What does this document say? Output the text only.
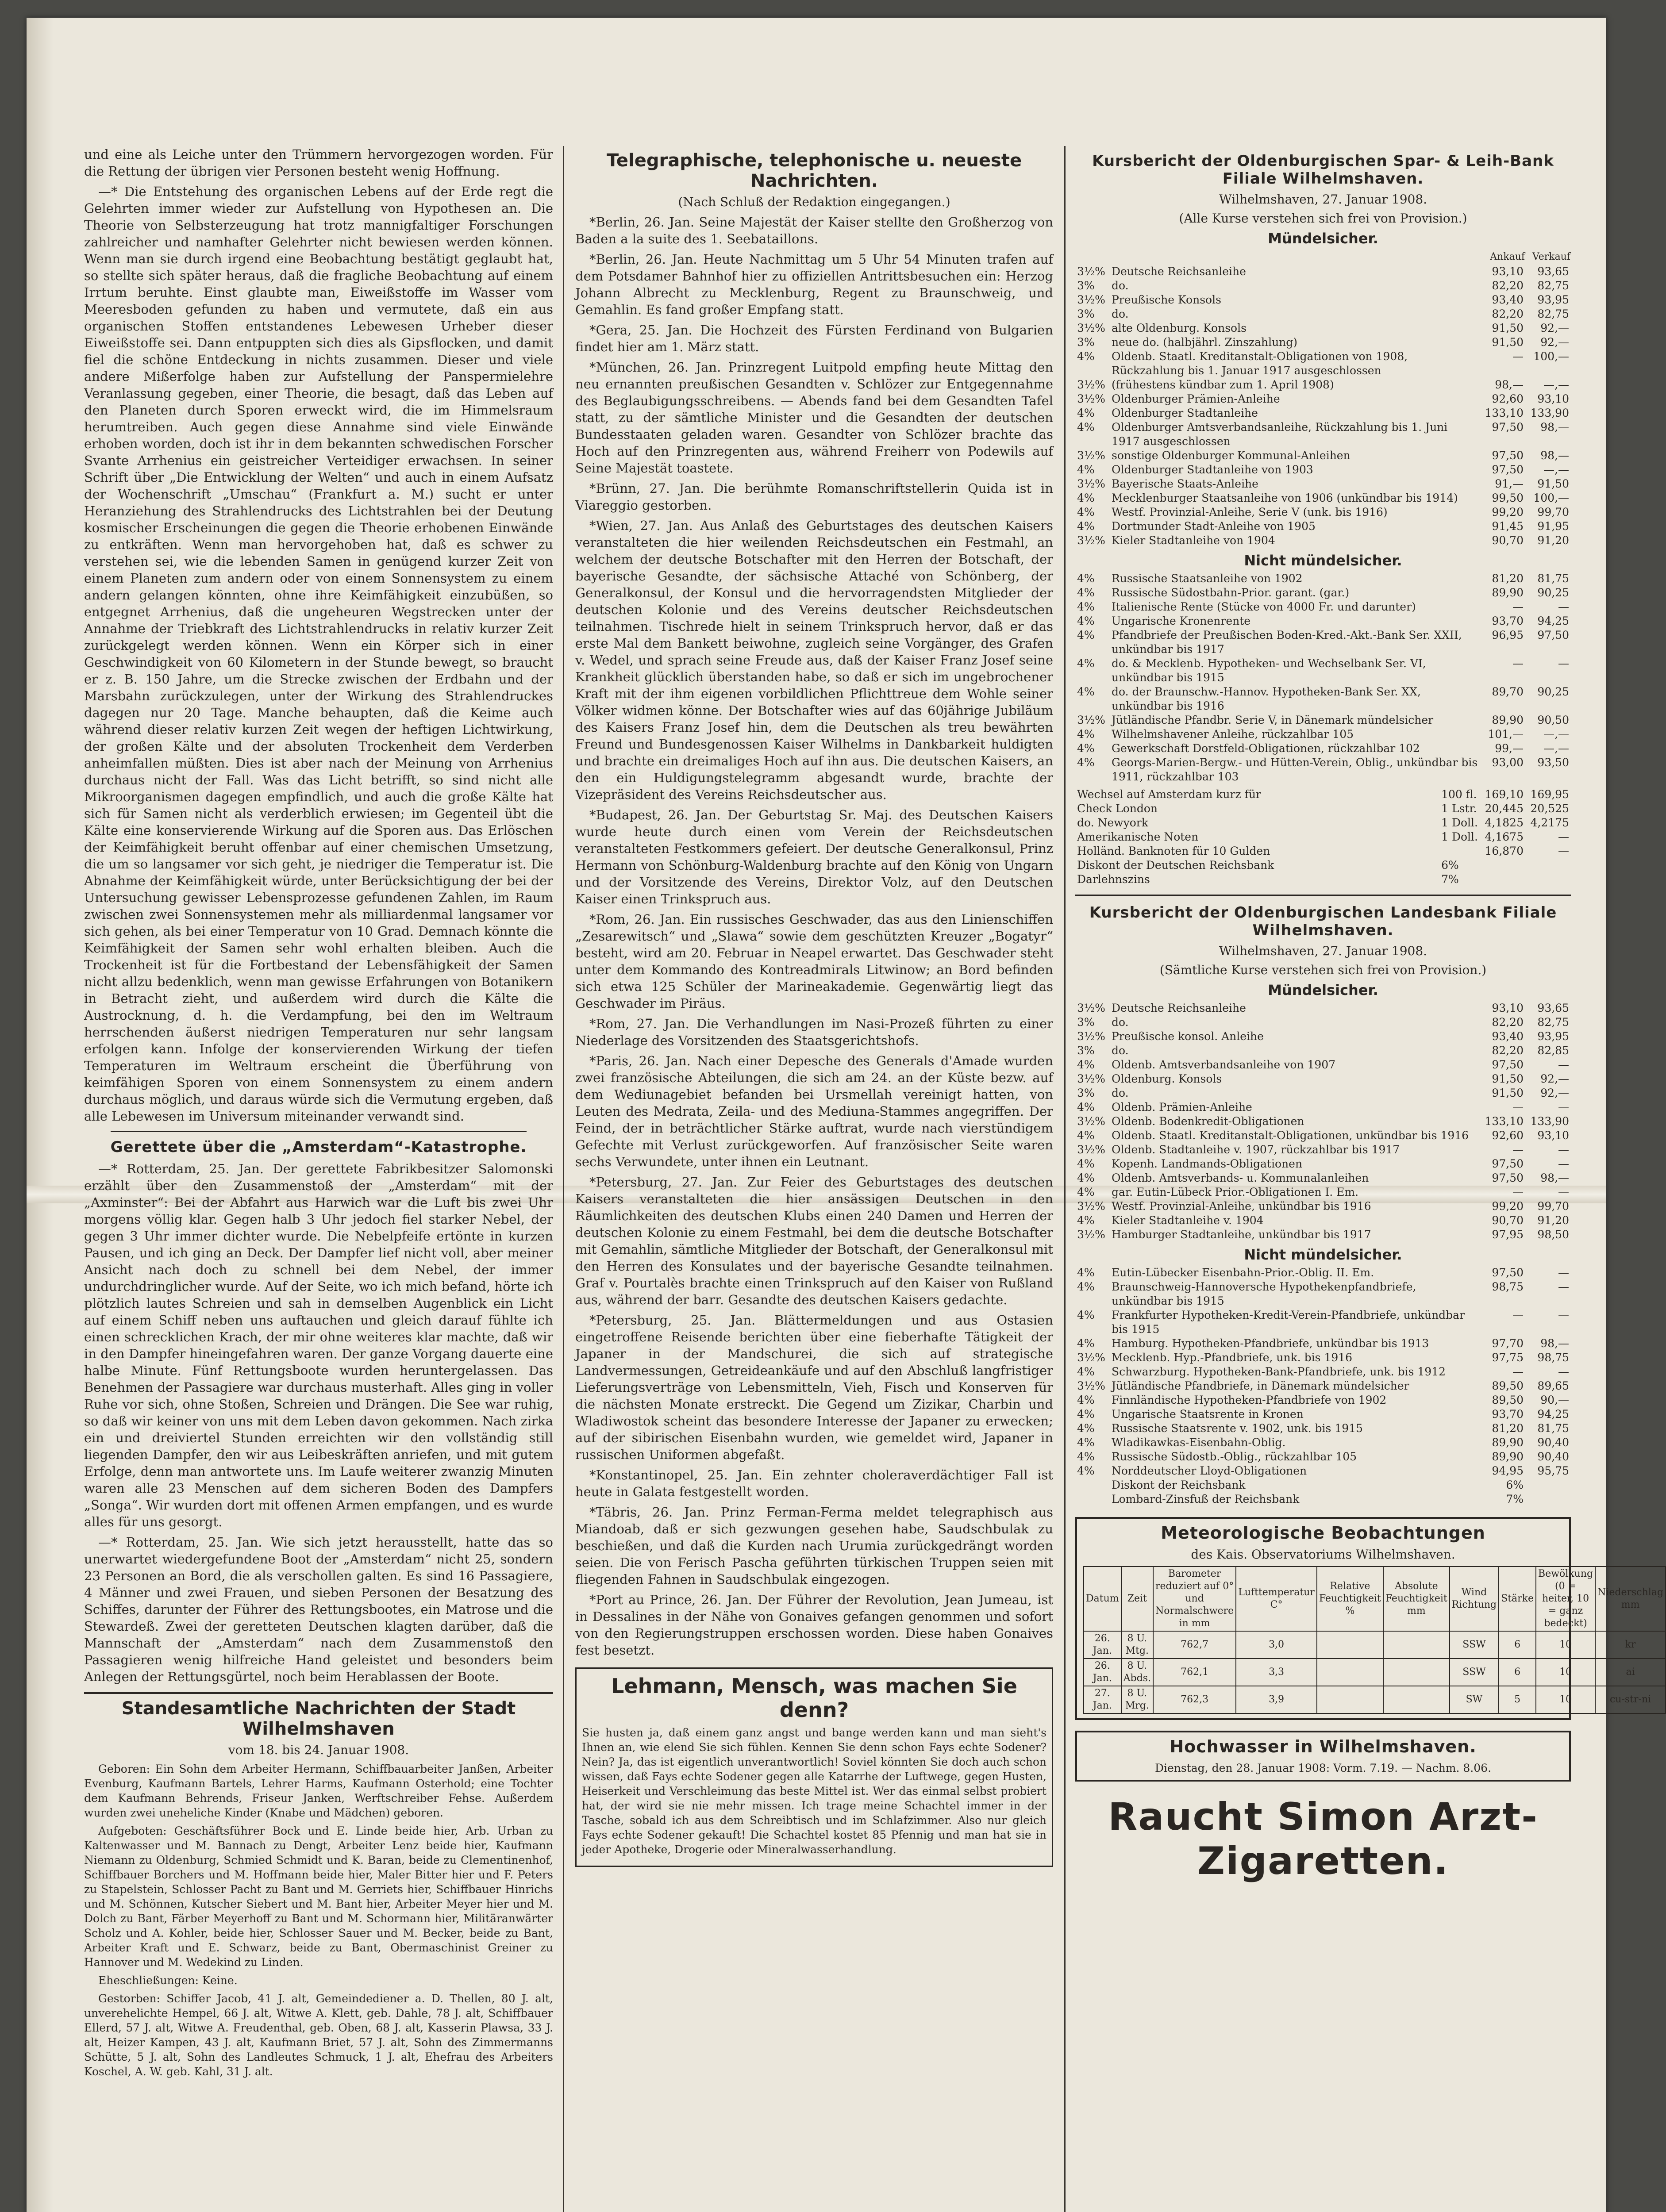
und eine als Leiche unter den Trümmern hervorgezogen worden. Für die Rettung der übrigen vier Personen besteht wenig Hoffnung.

—* Die Entstehung des organischen Lebens auf der Erde regt die Gelehrten immer wieder zur Aufstellung von Hypothesen an. Die Theorie von Selbsterzeugung hat trotz mannigfaltiger Forschungen zahlreicher und namhafter Gelehrter nicht bewiesen werden können. Wenn man sie durch irgend eine Beobachtung bestätigt geglaubt hat, so stellte sich später heraus, daß die fragliche Beobachtung auf einem Irrtum beruhte. Einst glaubte man, Eiweißstoffe im Wasser vom Meeresboden gefunden zu haben und vermutete, daß ein aus organischen Stoffen entstandenes Lebewesen Urheber dieser Eiweißstoffe sei. Dann entpuppten sich dies als Gipsflocken, und damit fiel die schöne Entdeckung in nichts zusammen. Dieser und viele andere Mißerfolge haben zur Aufstellung der Panspermielehre Veranlassung gegeben, einer Theorie, die besagt, daß das Leben auf den Planeten durch Sporen erweckt wird, die im Himmelsraum herumtreiben. Auch gegen diese Annahme sind viele Einwände erhoben worden, doch ist ihr in dem bekannten schwedischen Forscher Svante Arrhenius ein geistreicher Verteidiger erwachsen. In seiner Schrift über „Die Entwicklung der Welten“ und auch in einem Aufsatz der Wochenschrift „Umschau“ (Frankfurt a. M.) sucht er unter Heranziehung des Strahlendrucks des Lichtstrahlen bei der Deutung kosmischer Erscheinungen die gegen die Theorie erhobenen Einwände zu entkräften. Wenn man hervorgehoben hat, daß es schwer zu verstehen sei, wie die lebenden Samen in genügend kurzer Zeit von einem Planeten zum andern oder von einem Sonnensystem zu einem andern gelangen könnten, ohne ihre Keimfähigkeit einzubüßen, so entgegnet Arrhenius, daß die ungeheuren Wegstrecken unter der Annahme der Triebkraft des Lichtstrahlendrucks in relativ kurzer Zeit zurückgelegt werden können. Wenn ein Körper sich in einer Geschwindigkeit von 60 Kilometern in der Stunde bewegt, so braucht er z. B. 150 Jahre, um die Strecke zwischen der Erdbahn und der Marsbahn zurückzulegen, unter der Wirkung des Strahlendruckes dagegen nur 20 Tage. Manche behaupten, daß die Keime auch während dieser relativ kurzen Zeit wegen der heftigen Lichtwirkung, der großen Kälte und der absoluten Trockenheit dem Verderben anheimfallen müßten. Dies ist aber nach der Meinung von Arrhenius durchaus nicht der Fall. Was das Licht betrifft, so sind nicht alle Mikroorganismen dagegen empfindlich, und auch die große Kälte hat sich für Samen nicht als verderblich erwiesen; im Gegenteil übt die Kälte eine konservierende Wirkung auf die Sporen aus. Das Erlöschen der Keimfähigkeit beruht offenbar auf einer chemischen Umsetzung, die um so langsamer vor sich geht, je niedriger die Temperatur ist. Die Abnahme der Keimfähigkeit würde, unter Berücksichtigung der bei der Untersuchung gewisser Lebensprozesse gefundenen Zahlen, im Raum zwischen zwei Sonnensystemen mehr als milliardenmal langsamer vor sich gehen, als bei einer Temperatur von 10 Grad. Demnach könnte die Keimfähigkeit der Samen sehr wohl erhalten bleiben. Auch die Trockenheit ist für die Fortbestand der Lebensfähigkeit der Samen nicht allzu bedenklich, wenn man gewisse Erfahrungen von Botanikern in Betracht zieht, und außerdem wird durch die Kälte die Austrocknung, d. h. die Verdampfung, bei den im Weltraum herrschenden äußerst niedrigen Temperaturen nur sehr langsam erfolgen kann. Infolge der konservierenden Wirkung der tiefen Temperaturen im Weltraum erscheint die Überführung von keimfähigen Sporen von einem Sonnensystem zu einem andern durchaus möglich, und daraus würde sich die Vermutung ergeben, daß alle Lebewesen im Universum miteinander verwandt sind.

Gerettete über die „Amsterdam“-Katastrophe.

—* Rotterdam, 25. Jan. Der gerettete Fabrikbesitzer Salomonski erzählt über den Zusammenstoß der „Amsterdam“ mit der „Axminster“: Bei der Abfahrt aus Harwich war die Luft bis zwei Uhr morgens völlig klar. Gegen halb 3 Uhr jedoch fiel starker Nebel, der gegen 3 Uhr immer dichter wurde. Die Nebelpfeife ertönte in kurzen Pausen, und ich ging an Deck. Der Dampfer lief nicht voll, aber meiner Ansicht nach doch zu schnell bei dem Nebel, der immer undurchdringlicher wurde. Auf der Seite, wo ich mich befand, hörte ich plötzlich lautes Schreien und sah in demselben Augenblick ein Licht auf einem Schiff neben uns auftauchen und gleich darauf fühlte ich einen schrecklichen Krach, der mir ohne weiteres klar machte, daß wir in den Dampfer hineingefahren waren. Der ganze Vorgang dauerte eine halbe Minute. Fünf Rettungsboote wurden heruntergelassen. Das Benehmen der Passagiere war durchaus musterhaft. Alles ging in voller Ruhe vor sich, ohne Stoßen, Schreien und Drängen. Die See war ruhig, so daß wir keiner von uns mit dem Leben davon gekommen. Nach zirka ein und dreiviertel Stunden erreichten wir den vollständig still liegenden Dampfer, den wir aus Leibeskräften anriefen, und mit gutem Erfolge, denn man antwortete uns. Im Laufe weiterer zwanzig Minuten waren alle 23 Menschen auf dem sicheren Boden des Dampfers „Songa“. Wir wurden dort mit offenen Armen empfangen, und es wurde alles für uns gesorgt.

—* Rotterdam, 25. Jan. Wie sich jetzt herausstellt, hatte das so unerwartet wiedergefundene Boot der „Amsterdam“ nicht 25, sondern 23 Personen an Bord, die als verschollen galten. Es sind 16 Passagiere, 4 Männer und zwei Frauen, und sieben Personen der Besatzung des Schiffes, darunter der Führer des Rettungsbootes, ein Matrose und die Stewardeß. Zwei der geretteten Deutschen klagten darüber, daß die Mannschaft der „Amsterdam“ nach dem Zusammenstoß den Passagieren wenig hilfreiche Hand geleistet und besonders beim Anlegen der Rettungsgürtel, noch beim Herablassen der Boote.

Standesamtliche Nachrichten der Stadt Wilhelmshaven
vom 18. bis 24. Januar 1908.

Geboren: Ein Sohn dem Arbeiter Hermann, Schiffbauarbeiter Janßen, Arbeiter Evenburg, Kaufmann Bartels, Lehrer Harms, Kaufmann Osterhold; eine Tochter dem Kaufmann Behrends, Friseur Janken, Werftschreiber Fehse. Außerdem wurden zwei uneheliche Kinder (Knabe und Mädchen) geboren.

Aufgeboten: Geschäftsführer Bock und E. Linde beide hier, Arb. Urban zu Kaltenwasser und M. Bannach zu Dengt, Arbeiter Lenz beide hier, Kaufmann Niemann zu Oldenburg, Schmied Schmidt und K. Baran, beide zu Clementinenhof, Schiffbauer Borchers und M. Hoffmann beide hier, Maler Bitter hier und F. Peters zu Stapelstein, Schlosser Pacht zu Bant und M. Gerriets hier, Schiffbauer Hinrichs und M. Schönnen, Kutscher Siebert und M. Bant hier, Arbeiter Meyer hier und M. Dolch zu Bant, Färber Meyerhoff zu Bant und M. Schormann hier, Militäranwärter Scholz und A. Kohler, beide hier, Schlosser Sauer und M. Becker, beide zu Bant, Arbeiter Kraft und E. Schwarz, beide zu Bant, Obermaschinist Greiner zu Hannover und M. Wedekind zu Linden.

Eheschließungen: Keine.

Gestorben: Schiffer Jacob, 41 J. alt, Gemeindediener a. D. Thellen, 80 J. alt, unverehelichte Hempel, 66 J. alt, Witwe A. Klett, geb. Dahle, 78 J. alt, Schiffbauer Ellerd, 57 J. alt, Witwe A. Freudenthal, geb. Oben, 68 J. alt, Kasserin Plawsa, 33 J. alt, Heizer Kampen, 43 J. alt, Kaufmann Briet, 57 J. alt, Sohn des Zimmermanns Schütte, 5 J. alt, Sohn des Landleutes Schmuck, 1 J. alt, Ehefrau des Arbeiters Koschel, A. W. geb. Kahl, 31 J. alt.

Telegraphische, telephonische u. neueste Nachrichten.
(Nach Schluß der Redaktion eingegangen.)

*Berlin, 26. Jan. Seine Majestät der Kaiser stellte den Großherzog von Baden a la suite des 1. Seebataillons.

*Berlin, 26. Jan. Heute Nachmittag um 5 Uhr 54 Minuten trafen auf dem Potsdamer Bahnhof hier zu offiziellen Antrittsbesuchen ein: Herzog Johann Albrecht zu Mecklenburg, Regent zu Braunschweig, und Gemahlin. Es fand großer Empfang statt.

*Gera, 25. Jan. Die Hochzeit des Fürsten Ferdinand von Bulgarien findet hier am 1. März statt.

*München, 26. Jan. Prinzregent Luitpold empfing heute Mittag den neu ernannten preußischen Gesandten v. Schlözer zur Entgegennahme des Beglaubigungsschreibens. — Abends fand bei dem Gesandten Tafel statt, zu der sämtliche Minister und die Gesandten der deutschen Bundesstaaten geladen waren. Gesandter von Schlözer brachte das Hoch auf den Prinzregenten aus, während Freiherr von Podewils auf Seine Majestät toastete.

*Brünn, 27. Jan. Die berühmte Romanschriftstellerin Quida ist in Viareggio gestorben.

*Wien, 27. Jan. Aus Anlaß des Geburtstages des deutschen Kaisers veranstalteten die hier weilenden Reichsdeutschen ein Festmahl, an welchem der deutsche Botschafter mit den Herren der Botschaft, der bayerische Gesandte, der sächsische Attaché von Schönberg, der Generalkonsul, der Konsul und die hervorragendsten Mitglieder der deutschen Kolonie und des Vereins deutscher Reichsdeutschen teilnahmen. Tischrede hielt in seinem Trinkspruch hervor, daß er das erste Mal dem Bankett beiwohne, zugleich seine Vorgänger, des Grafen v. Wedel, und sprach seine Freude aus, daß der Kaiser Franz Josef seine Krankheit glücklich überstanden habe, so daß er sich im ungebrochener Kraft mit der ihm eigenen vorbildlichen Pflichttreue dem Wohle seiner Völker widmen könne. Der Botschafter wies auf das 60jährige Jubiläum des Kaisers Franz Josef hin, dem die Deutschen als treu bewährten Freund und Bundesgenossen Kaiser Wilhelms in Dankbarkeit huldigten und brachte ein dreimaliges Hoch auf ihn aus. Die deutschen Kaisers, an den ein Huldigungstelegramm abgesandt wurde, brachte der Vizepräsident des Vereins Reichsdeutscher aus.

*Budapest, 26. Jan. Der Geburtstag Sr. Maj. des Deutschen Kaisers wurde heute durch einen vom Verein der Reichsdeutschen veranstalteten Festkommers gefeiert. Der deutsche Generalkonsul, Prinz Hermann von Schönburg-Waldenburg brachte auf den König von Ungarn und der Vorsitzende des Vereins, Direktor Volz, auf den Deutschen Kaiser einen Trinkspruch aus.

*Rom, 26. Jan. Ein russisches Geschwader, das aus den Linienschiffen „Zesarewitsch“ und „Slawa“ sowie dem geschützten Kreuzer „Bogatyr“ besteht, wird am 20. Februar in Neapel erwartet. Das Geschwader steht unter dem Kommando des Kontreadmirals Litwinow; an Bord befinden sich etwa 125 Schüler der Marineakademie. Gegenwärtig liegt das Geschwader im Piräus.

*Rom, 27. Jan. Die Verhandlungen im Nasi-Prozeß führten zu einer Niederlage des Vorsitzenden des Staatsgerichtshofs.

*Paris, 26. Jan. Nach einer Depesche des Generals d'Amade wurden zwei französische Abteilungen, die sich am 24. an der Küste bezw. auf dem Wediunagebiet befanden bei Ursmellah vereinigt hatten, von Leuten des Medrata, Zeila- und des Mediuna-Stammes angegriffen. Der Feind, der in beträchtlicher Stärke auftrat, wurde nach vierstündigem Gefechte mit Verlust zurückgeworfen. Auf französischer Seite waren sechs Verwundete, unter ihnen ein Leutnant.

*Petersburg, 27. Jan. Zur Feier des Geburtstages des deutschen Kaisers veranstalteten die hier ansässigen Deutschen in den Räumlichkeiten des deutschen Klubs einen 240 Damen und Herren der deutschen Kolonie zu einem Festmahl, bei dem die deutsche Botschafter mit Gemahlin, sämtliche Mitglieder der Botschaft, der Generalkonsul mit den Herren des Konsulates und der bayerische Gesandte teilnahmen. Graf v. Pourtalès brachte einen Trinkspruch auf den Kaiser von Rußland aus, während der barr. Gesandte des deutschen Kaisers gedachte.

*Petersburg, 25. Jan. Blättermeldungen und aus Ostasien eingetroffene Reisende berichten über eine fieberhafte Tätigkeit der Japaner in der Mandschurei, die sich auf strategische Landvermessungen, Getreideankäufe und auf den Abschluß langfristiger Lieferungsverträge von Lebensmitteln, Vieh, Fisch und Konserven für die nächsten Monate erstreckt. Die Gegend um Zizikar, Charbin und Wladiwostok scheint das besondere Interesse der Japaner zu erwecken; auf der sibirischen Eisenbahn wurden, wie gemeldet wird, Japaner in russischen Uniformen abgefaßt.

*Konstantinopel, 25. Jan. Ein zehnter choleraverdächtiger Fall ist heute in Galata festgestellt worden.

*Täbris, 26. Jan. Prinz Ferman-Ferma meldet telegraphisch aus Miandoab, daß er sich gezwungen gesehen habe, Saudschbulak zu beschießen, und daß die Kurden nach Urumia zurückgedrängt worden seien. Die von Ferisch Pascha geführten türkischen Truppen seien mit fliegenden Fahnen in Saudschbulak eingezogen.

*Port au Prince, 26. Jan. Der Führer der Revolution, Jean Jumeau, ist in Dessalines in der Nähe von Gonaives gefangen genommen und sofort von den Regierungstruppen erschossen worden. Diese haben Gonaives fest besetzt.

Lehmann, Mensch, was machen Sie denn?

Sie husten ja, daß einem ganz angst und bange werden kann und man sieht's Ihnen an, wie elend Sie sich fühlen. Kennen Sie denn schon Fays echte Sodener? Nein? Ja, das ist eigentlich unverantwortlich! Soviel könnten Sie doch auch schon wissen, daß Fays echte Sodener gegen alle Katarrhe der Luftwege, gegen Husten, Heiserkeit und Verschleimung das beste Mittel ist. Wer das einmal selbst probiert hat, der wird sie nie mehr missen. Ich trage meine Schachtel immer in der Tasche, sobald ich aus dem Schreibtisch und im Schlafzimmer. Also nur gleich Fays echte Sodener gekauft! Die Schachtel kostet 85 Pfennig und man hat sie in jeder Apotheke, Drogerie oder Mineralwasserhandlung.

Kursbericht der Oldenburgischen Spar- & Leih-Bank Filiale Wilhelmshaven.
Wilhelmshaven, 27. Januar 1908.
(Alle Kurse verstehen sich frei von Provision.)
Mündelsicher.
		Ankauf	Verkauf
3½%	Deutsche Reichsanleihe	93,10	93,65
3%	do.	82,20	82,75
3½%	Preußische Konsols	93,40	93,95
3%	do.	82,20	82,75
3½%	alte Oldenburg. Konsols	91,50	92,—
3%	neue do. (halbjährl. Zinszahlung)	91,50	92,—
4%	Oldenb. Staatl. Kreditanstalt-Obligationen von 1908, Rückzahlung bis 1. Januar 1917 ausgeschlossen	—	100,—
3½%	(frühestens kündbar zum 1. April 1908)	98,—	—,—
3½%	Oldenburger Prämien-Anleihe	92,60	93,10
4%	Oldenburger Stadtanleihe	133,10	133,90
4%	Oldenburger Amtsverbandsanleihe, Rückzahlung bis 1. Juni 1917 ausgeschlossen	97,50	98,—
3½%	sonstige Oldenburger Kommunal-Anleihen	97,50	98,—
4%	Oldenburger Stadtanleihe von 1903	97,50	—,—
3½%	Bayerische Staats-Anleihe	91,—	91,50
4%	Mecklenburger Staatsanleihe von 1906 (unkündbar bis 1914)	99,50	100,—
4%	Westf. Provinzial-Anleihe, Serie V (unk. bis 1916)	99,20	99,70
4%	Dortmunder Stadt-Anleihe von 1905	91,45	91,95
3½%	Kieler Stadtanleihe von 1904	90,70	91,20
Nicht mündelsicher.
4%	Russische Staatsanleihe von 1902	81,20	81,75
4%	Russische Südostbahn-Prior. garant. (gar.)	89,90	90,25
4%	Italienische Rente (Stücke von 4000 Fr. und darunter)	—	—
4%	Ungarische Kronenrente	93,70	94,25
4%	Pfandbriefe der Preußischen Boden-Kred.-Akt.-Bank Ser. XXII, unkündbar bis 1917	96,95	97,50
4%	do. & Mecklenb. Hypotheken- und Wechselbank Ser. VI, unkündbar bis 1915	—	—
4%	do. der Braunschw.-Hannov. Hypotheken-Bank Ser. XX, unkündbar bis 1916	89,70	90,25
3½%	Jütländische Pfandbr. Serie V, in Dänemark mündelsicher	89,90	90,50
4%	Wilhelmshavener Anleihe, rückzahlbar 105	101,—	—,—
4%	Gewerkschaft Dorstfeld-Obligationen, rückzahlbar 102	99,—	—,—
4%	Georgs-Marien-Bergw.- und Hütten-Verein, Oblig., unkündbar bis 1911, rückzahlbar 103	93,00	93,50
Wechsel auf Amsterdam kurz für	100 fl.	169,10	169,95
Check London	1 Lstr.	20,445	20,525
do. Newyork	1 Doll.	4,1825	4,2175
Amerikanische Noten	1 Doll.	4,1675	—
Holländ. Banknoten für 10 Gulden		16,870	—
Diskont der Deutschen Reichsbank	6%		
Darlehnszins	7%		
Kursbericht der Oldenburgischen Landesbank Filiale Wilhelmshaven.
Wilhelmshaven, 27. Januar 1908.
(Sämtliche Kurse verstehen sich frei von Provision.)
Mündelsicher.
3½%	Deutsche Reichsanleihe	93,10	93,65
3%	do.	82,20	82,75
3½%	Preußische konsol. Anleihe	93,40	93,95
3%	do.	82,20	82,85
4%	Oldenb. Amtsverbandsanleihe von 1907	97,50	—
3½%	Oldenburg. Konsols	91,50	92,—
3%	do.	91,50	92,—
4%	Oldenb. Prämien-Anleihe	—	—
3½%	Oldenb. Bodenkredit-Obligationen	133,10	133,90
4%	Oldenb. Staatl. Kreditanstalt-Obligationen, unkündbar bis 1916	92,60	93,10
3½%	Oldenb. Stadtanleihe v. 1907, rückzahlbar bis 1917	—	—
4%	Kopenh. Landmands-Obligationen	97,50	—
4%	Oldenb. Amtsverbands- u. Kommunalanleihen	97,50	98,—
4%	gar. Eutin-Lübeck Prior.-Obligationen I. Em.	—	—
3½%	Westf. Provinzial-Anleihe, unkündbar bis 1916	99,20	99,70
4%	Kieler Stadtanleihe v. 1904	90,70	91,20
3½%	Hamburger Stadtanleihe, unkündbar bis 1917	97,95	98,50
Nicht mündelsicher.
4%	Eutin-Lübecker Eisenbahn-Prior.-Oblig. II. Em.	97,50	—
4%	Braunschweig-Hannoversche Hypothekenpfandbriefe, unkündbar bis 1915	98,75	—
4%	Frankfurter Hypotheken-Kredit-Verein-Pfandbriefe, unkündbar bis 1915	—	—
4%	Hamburg. Hypotheken-Pfandbriefe, unkündbar bis 1913	97,70	98,—
3½%	Mecklenb. Hyp.-Pfandbriefe, unk. bis 1916	97,75	98,75
4%	Schwarzburg. Hypotheken-Bank-Pfandbriefe, unk. bis 1912	—	—
3½%	Jütländische Pfandbriefe, in Dänemark mündelsicher	89,50	89,65
4%	Finnländische Hypotheken-Pfandbriefe von 1902	89,50	90,—
4%	Ungarische Staatsrente in Kronen	93,70	94,25
4%	Russische Staatsrente v. 1902, unk. bis 1915	81,20	81,75
4%	Wladikawkas-Eisenbahn-Oblig.	89,90	90,40
4%	Russische Südostb.-Oblig., rückzahlbar 105	89,90	90,40
4%	Norddeutscher Lloyd-Obligationen	94,95	95,75
	Diskont der Reichsbank	6%	
	Lombard-Zinsfuß der Reichsbank	7%	
Meteorologische Beobachtungen
des Kais. Observatoriums Wilhelmshaven.
Datum	Zeit	Barometer reduziert auf 0° und Normalschwere in mm	Lufttemperatur C°	Relative Feuchtigkeit %	Absolute Feuchtigkeit mm	Wind Richtung	Stärke	Bewölkung (0 = heiter, 10 = ganz bedeckt)	Niederschlag mm
26. Jan.	8 U. Mtg.	762,7	3,0			SSW	6	10	kr
26. Jan.	8 U. Abds.	762,1	3,3			SSW	6	10	ai
27. Jan.	8 U. Mrg.	762,3	3,9			SW	5	10	cu-str-ni
Hochwasser in Wilhelmshaven.
Dienstag, den 28. Januar 1908: Vorm. 7.19. — Nachm. 8.06.
Raucht Simon Arzt-Zigaretten.
